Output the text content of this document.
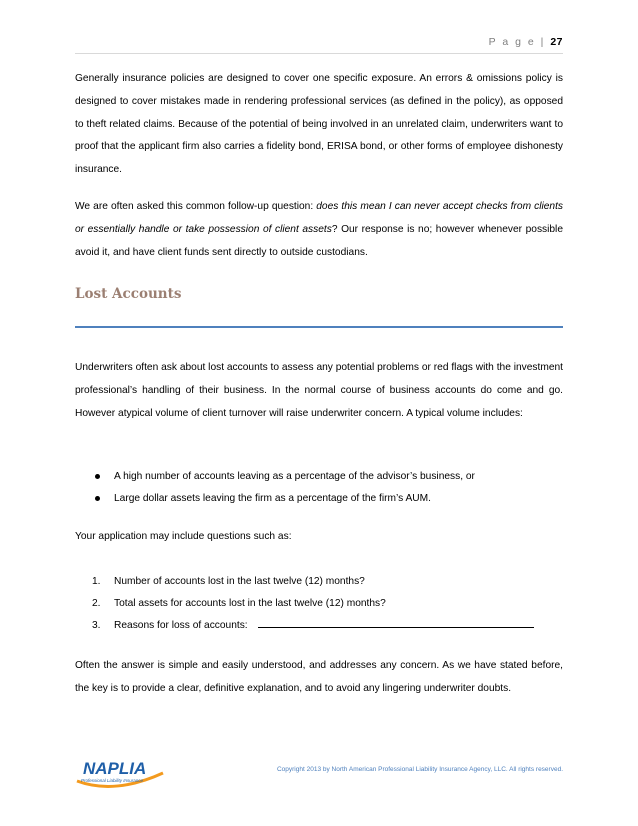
P a g e | 27

Generally insurance policies are designed to cover one specific exposure. An errors & omissions policy is designed to cover mistakes made in rendering professional services (as defined in the policy), as opposed to theft related claims. Because of the potential of being involved in an unrelated claim, underwriters want to proof that the applicant firm also carries a fidelity bond, ERISA bond, or other forms of employee dishonesty insurance.

We are often asked this common follow-up question: does this mean I can never accept checks from clients or essentially handle or take possession of client assets? Our response is no; however whenever possible avoid it, and have client funds sent directly to outside custodians.

Lost Accounts

Underwriters often ask about lost accounts to assess any potential problems or red flags with the investment professional’s handling of their business. In the normal course of business accounts do come and go. However atypical volume of client turnover will raise underwriter concern. A typical volume includes:

A high number of accounts leaving as a percentage of the advisor’s business, or
Large dollar assets leaving the firm as a percentage of the firm’s AUM.

Your application may include questions such as:

1. Number of accounts lost in the last twelve (12) months?
2. Total assets for accounts lost in the last twelve (12) months?
3. Reasons for loss of accounts:

Often the answer is simple and easily understood, and addresses any concern. As we have stated before, the key is to provide a clear, definitive explanation, and to avoid any lingering underwriter doubts.

NAPLIA
Professional Liability Insurance
Copyright 2013 by North American Professional Liability Insurance Agency, LLC. All rights reserved.
